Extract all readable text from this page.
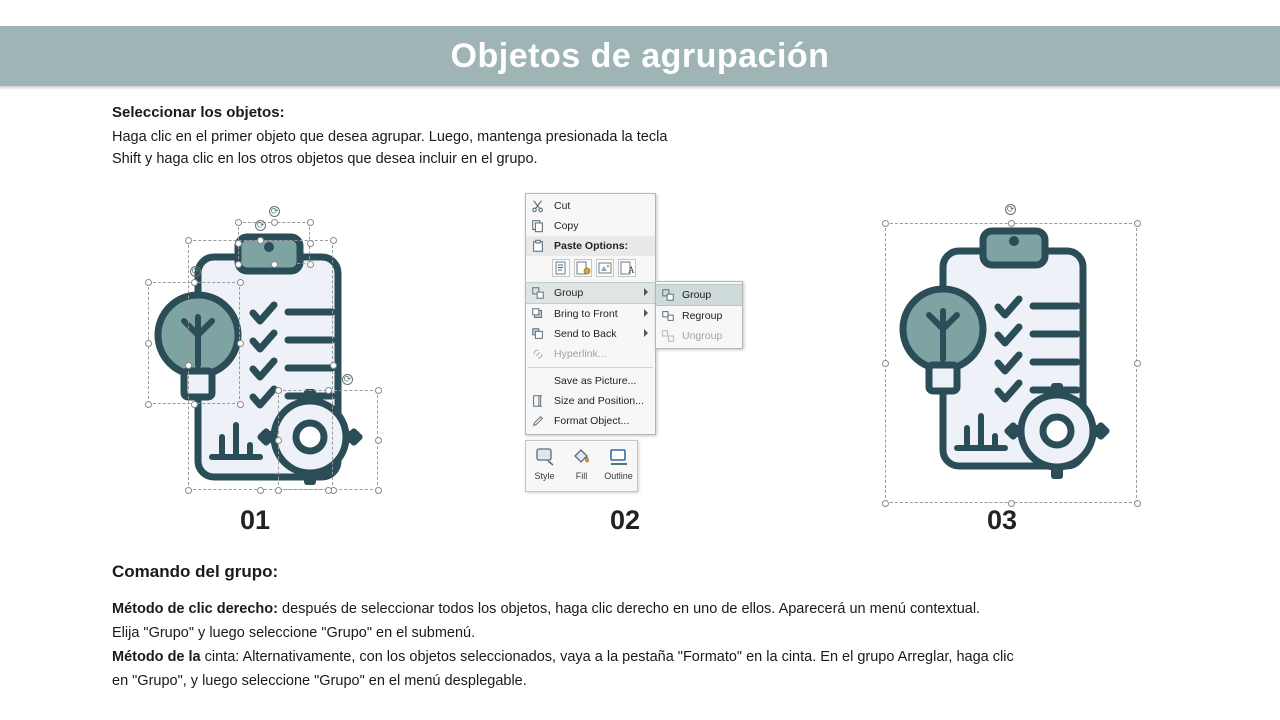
Objetos de agrupación

Seleccionar los objetos:

Haga clic en el primer objeto que desea agrupar. Luego, mantenga presionada la tecla

Shift y haga clic en los otros objetos que desea incluir en el grupo.

⟳
⟳
⟳
⟳
01	02
⟳
03
Cut
Copy
Paste Options:
A
Group
Bring to Front
Send to Back
Hyperlink...
Save as Picture...
Size and Position...
Format Object...
Group
Regroup
Ungroup
Style	Fill	Outline

Comando del grupo:

Método de clic derecho: después de seleccionar todos los objetos, haga clic derecho en uno de ellos. Aparecerá un menú contextual.

Elija "Grupo" y luego seleccione "Grupo" en el submenú.

Método de la cinta: Alternativamente, con los objetos seleccionados, vaya a la pestaña "Formato" en la cinta. En el grupo Arreglar, haga clic

en "Grupo", y luego seleccione "Grupo" en el menú desplegable.
